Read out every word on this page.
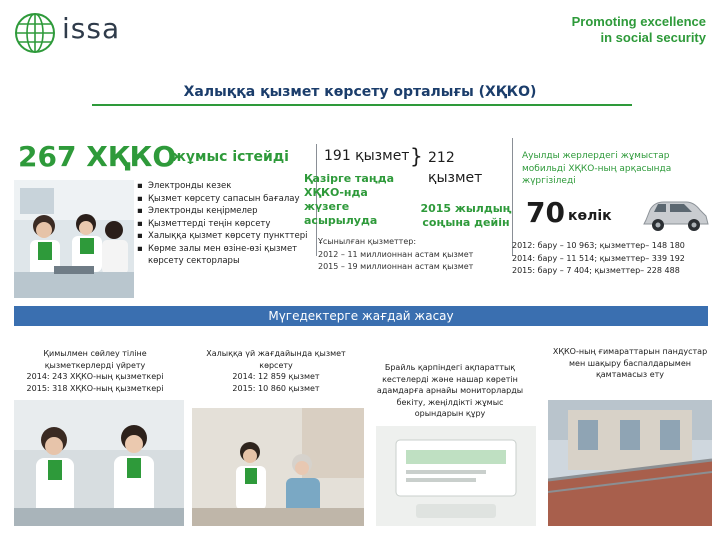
issa	Promoting excellence
in social security
Халыққа қызмет көрсету орталығы (ХҚКО)
267 ХҚКО
жұмыс істейді
▪ Электронды кезек
▪ Қызмет көрсету сапасын бағалау
▪ Электронды кеңірмелер
▪ Қызметтерді теңін көрсету
▪ Халыққа қызмет көрсету пункттері
▪ Көрме залы мен өзіне-өзі қызмет көрсету секторлары
191 қызмет } 212 қызмет
Қазірге таңда ХҚКО-нда жүзеге асырылуда
2015 жылдың соңына дейін
Ұсынылған қызметтер:
2012 – 11 миллионнан астам қызмет
2015 – 19 миллионнан астам қызмет
Ауылды жерлердегі жұмыстар мобильді ХҚКО-ның арқасында жүргізіледі
70 көлік
2012: бару – 10 963; қызметтер– 148 180
2014: бару – 11 514; қызметтер– 339 192
2015: бару – 7 404; қызметтер– 228 488
Мүгедектерге жағдай жасау
Қимылмен сөйлеу тіліне қызметкерлерді үйрету
2014: 243 ХҚКО-ның қызметкері
2015: 318 ХҚКО-ның қызметкері
Халыққа үй жағдайында қызмет көрсету
2014: 12 859 қызмет
2015: 10 860 қызмет
Брайль қарпіндегі ақпараттық кестелерді және нашар көретін адамдарға арнайы мониторларды бекіту, жеңілдікті жұмыс орындарын құру
ХҚКО-ның ғимараттарын пандустар мен шақыру баспалдарымен қамтамасыз ету
